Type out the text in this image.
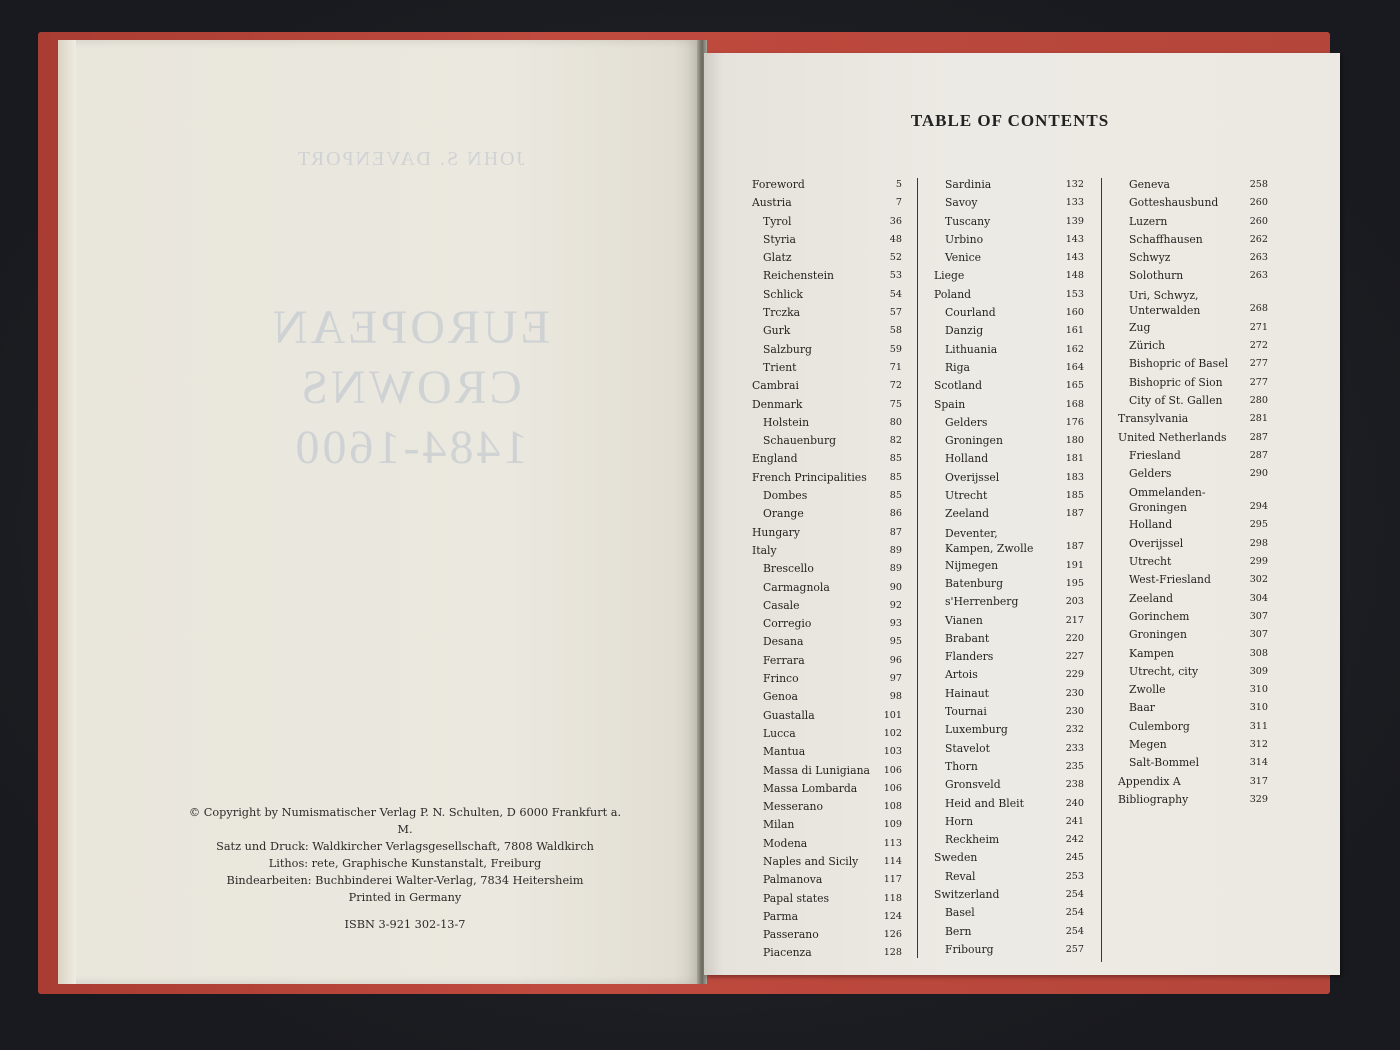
JOHN S. DAVENPORT
EUROPEAN
CROWNS
1484-1600
© Copyright by Numismatischer Verlag P. N. Schulten, D 6000 Frankfurt a. M.
Satz und Druck: Waldkircher Verlagsgesellschaft, 7808 Waldkirch
Lithos: rete, Graphische Kunstanstalt, Freiburg
Bindearbeiten: Buchbinderei Walter-Verlag, 7834 Heitersheim
Printed in Germany
ISBN 3-921 302-13-7
TABLE OF CONTENTS
Foreword	5
Austria	7
Tyrol	36
Styria	48
Glatz	52
Reichenstein	53
Schlick	54
Trczka	57
Gurk	58
Salzburg	59
Trient	71
Cambrai	72
Denmark	75
Holstein	80
Schauenburg	82
England	85
French Principalities	85
Dombes	85
Orange	86
Hungary	87
Italy	89
Brescello	89
Carmagnola	90
Casale	92
Corregio	93
Desana	95
Ferrara	96
Frinco	97
Genoa	98
Guastalla	101
Lucca	102
Mantua	103
Massa di Lunigiana	106
Massa Lombarda	106
Messerano	108
Milan	109
Modena	113
Naples and Sicily	114
Palmanova	117
Papal states	118
Parma	124
Passerano	126
Piacenza	128
Sardinia	132
Savoy	133
Tuscany	139
Urbino	143
Venice	143
Liege	148
Poland	153
Courland	160
Danzig	161
Lithuania	162
Riga	164
Scotland	165
Spain	168
Gelders	176
Groningen	180
Holland	181
Overijssel	183
Utrecht	185
Zeeland	187
Deventer, Kampen, Zwolle	187
Nijmegen	191
Batenburg	195
s'Herrenberg	203
Vianen	217
Brabant	220
Flanders	227
Artois	229
Hainaut	230
Tournai	230
Luxemburg	232
Stavelot	233
Thorn	235
Gronsveld	238
Heid and Bleit	240
Horn	241
Reckheim	242
Sweden	245
Reval	253
Switzerland	254
Basel	254
Bern	254
Fribourg	257
Geneva	258
Gotteshausbund	260
Luzern	260
Schaffhausen	262
Schwyz	263
Solothurn	263
Uri, Schwyz, Unterwalden	268
Zug	271
Zürich	272
Bishopric of Basel	277
Bishopric of Sion	277
City of St. Gallen	280
Transylvania	281
United Netherlands	287
Friesland	287
Gelders	290
Ommelanden-Groningen	294
Holland	295
Overijssel	298
Utrecht	299
West-Friesland	302
Zeeland	304
Gorinchem	307
Groningen	307
Kampen	308
Utrecht, city	309
Zwolle	310
Baar	310
Culemborg	311
Megen	312
Salt-Bommel	314
Appendix A	317
Bibliography	329
